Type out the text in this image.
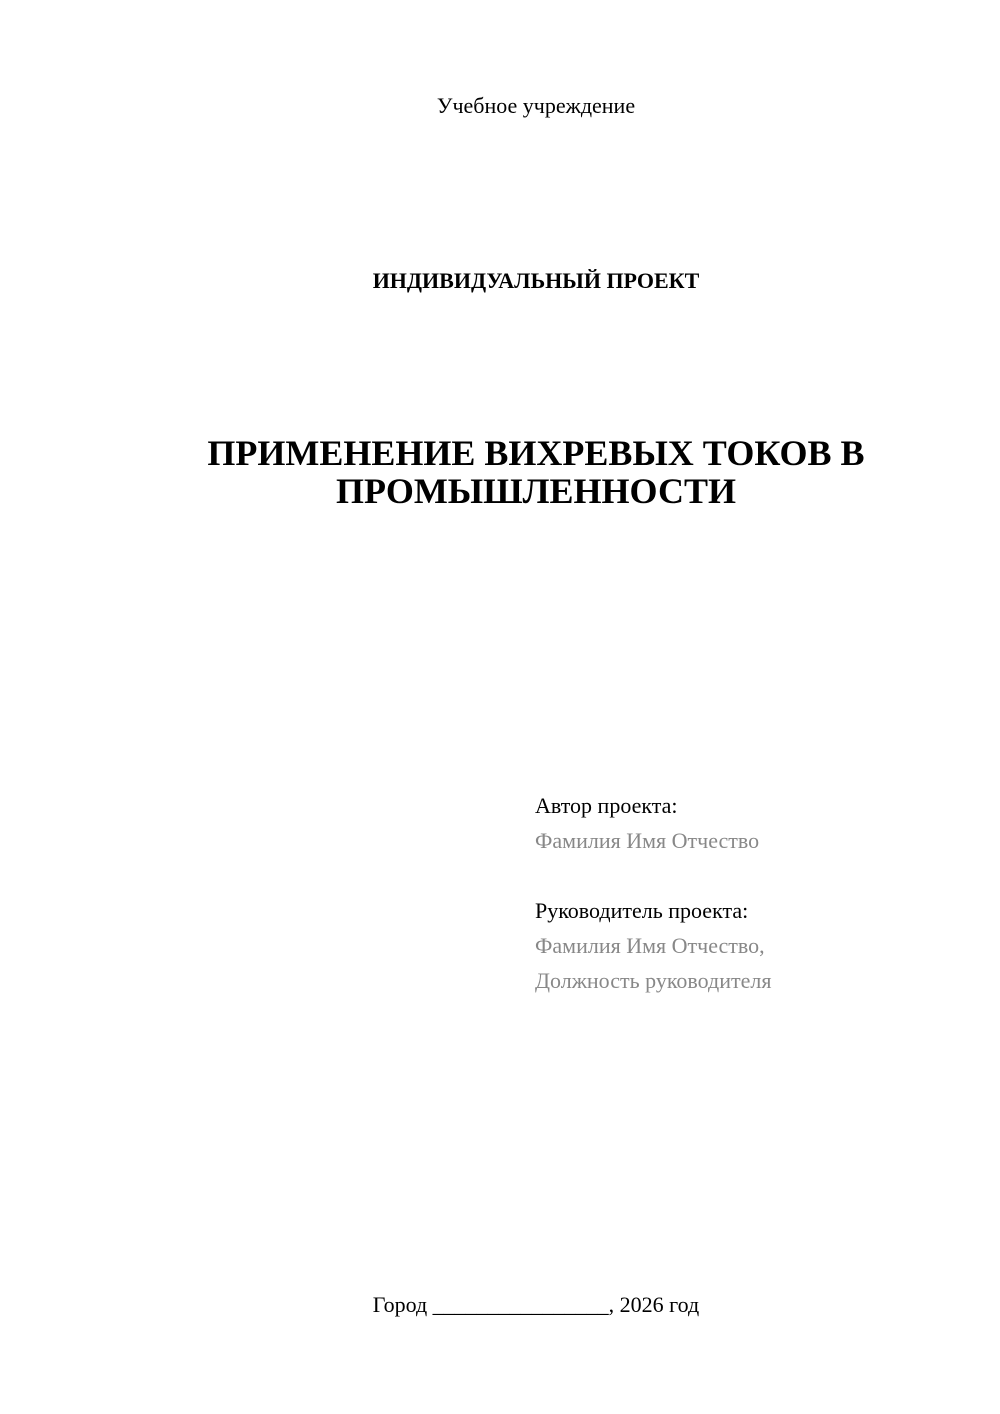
Учебное учреждение
ИНДИВИДУАЛЬНЫЙ ПРОЕКТ
ПРИМЕНЕНИЕ ВИХРЕВЫХ ТОКОВ В
ПРОМЫШЛЕННОСТИ
Автор проекта:
Фамилия Имя Отчество
Руководитель проекта:
Фамилия Имя Отчество,
Должность руководителя
Город ________________, 2026 год
